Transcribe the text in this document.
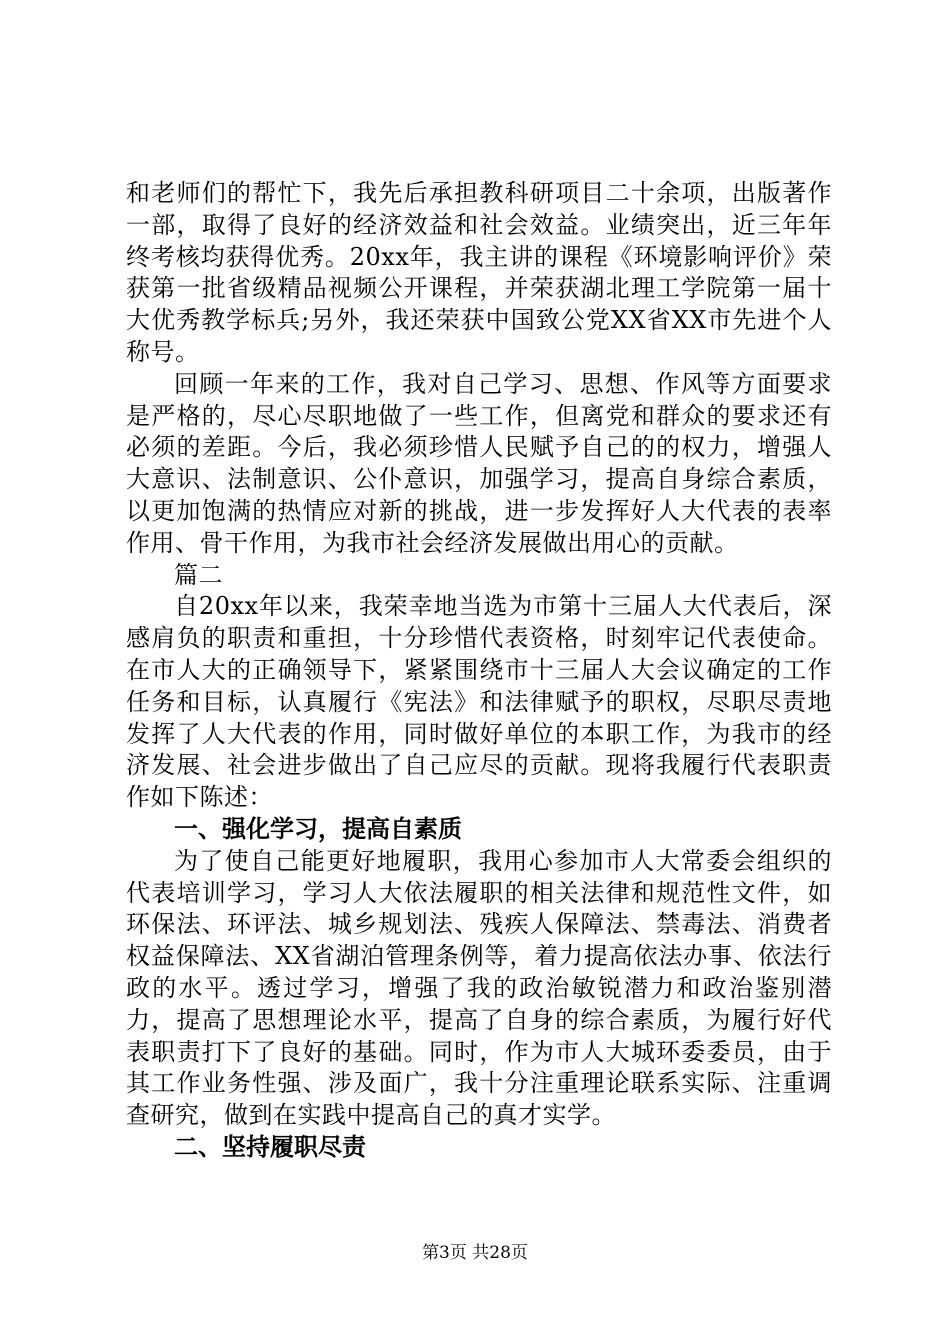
和老师们的帮忙下，我先后承担教科研项目二十余项，出版著作一部，取得了良好的经济效益和社会效益。业绩突出，近三年年终考核均获得优秀。20xx年，我主讲的课程《环境影响评价》荣获第一批省级精品视频公开课程，并荣获湖北理工学院第一届十大优秀教学标兵;另外，我还荣获中国致公党XX省XX市先进个人称号。

回顾一年来的工作，我对自己学习、思想、作风等方面要求是严格的，尽心尽职地做了一些工作，但离党和群众的要求还有必须的差距。今后，我必须珍惜人民赋予自己的的权力，增强人大意识、法制意识、公仆意识，加强学习，提高自身综合素质，以更加饱满的热情应对新的挑战，进一步发挥好人大代表的表率作用、骨干作用，为我市社会经济发展做出用心的贡献。

篇二

自20xx年以来，我荣幸地当选为市第十三届人大代表后，深感肩负的职责和重担，十分珍惜代表资格，时刻牢记代表使命。在市人大的正确领导下，紧紧围绕市十三届人大会议确定的工作任务和目标，认真履行《宪法》和法律赋予的职权，尽职尽责地发挥了人大代表的作用，同时做好单位的本职工作，为我市的经济发展、社会进步做出了自己应尽的贡献。现将我履行代表职责作如下陈述：

一、强化学习，提高自素质

为了使自己能更好地履职，我用心参加市人大常委会组织的代表培训学习，学习人大依法履职的相关法律和规范性文件，如环保法、环评法、城乡规划法、残疾人保障法、禁毒法、消费者权益保障法、XX省湖泊管理条例等，着力提高依法办事、依法行政的水平。透过学习，增强了我的政治敏锐潜力和政治鉴别潜力，提高了思想理论水平，提高了自身的综合素质，为履行好代表职责打下了良好的基础。同时，作为市人大城环委委员，由于其工作业务性强、涉及面广，我十分注重理论联系实际、注重调查研究，做到在实践中提高自己的真才实学。

二、坚持履职尽责

第3页 共28页
